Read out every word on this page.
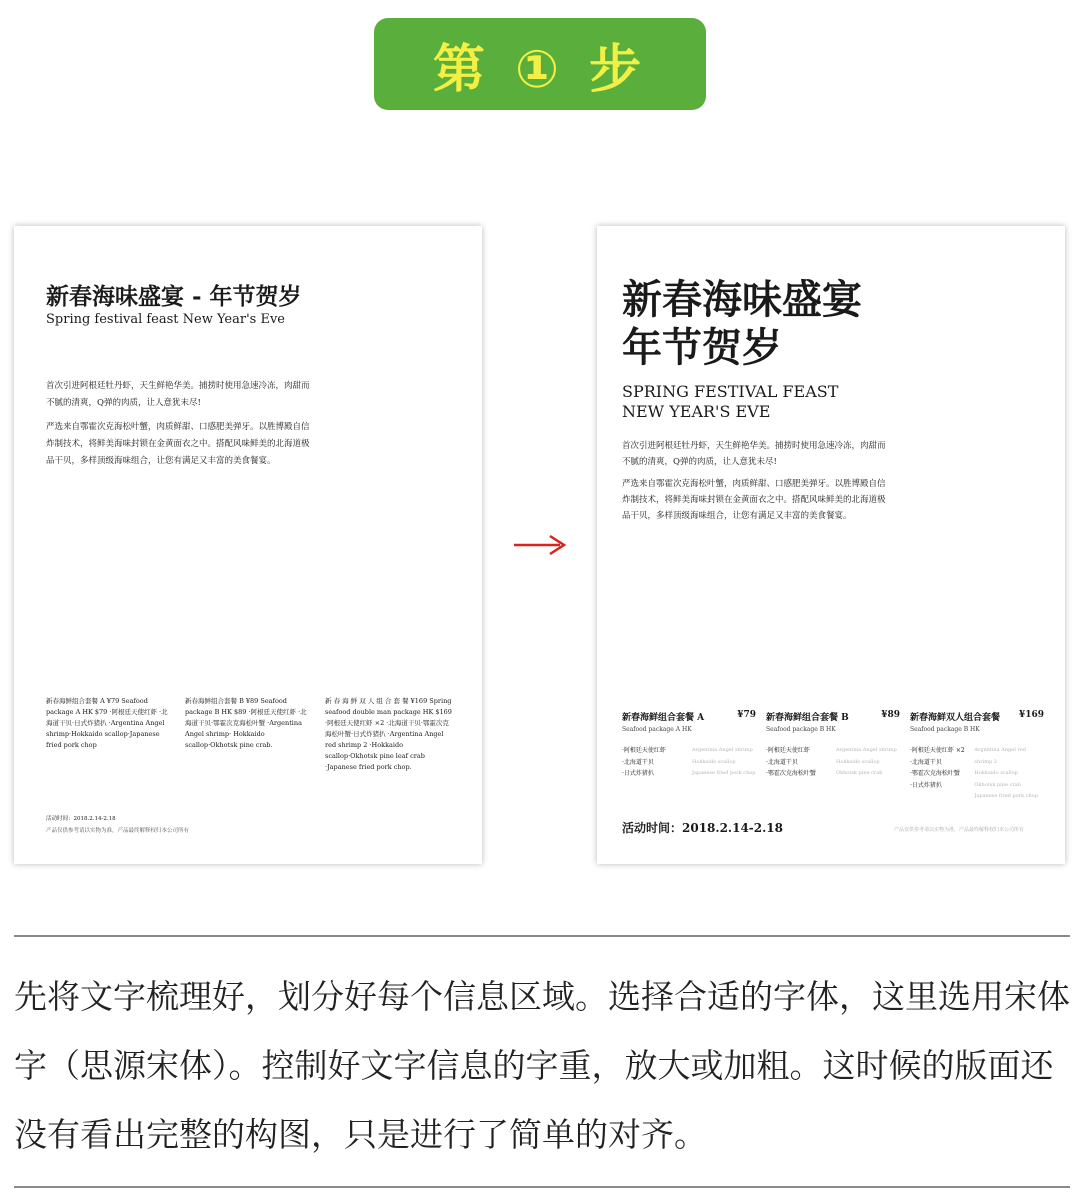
第 ① 步
新春海味盛宴 - 年节贺岁
Spring festival feast New Year's Eve
首次引进阿根廷牡丹虾，天生鲜艳华美。捕捞时使用急速冷冻，肉甜而不腻的清爽，Q弹的肉质，让人意犹未尽!
严选来自鄂霍次克海松叶蟹，肉质鲜甜、口感肥美弹牙。以胜博殿自信炸制技术，将鲜美海味封锁在金黄面衣之中。搭配风味鲜美的北海道极品干贝，多样顶级海味组合，让您有满足又丰富的美食餐宴。
新春海鲜组合套餐 A ¥79 Seafood package A HK $79 ·阿根廷天使红虾 ·北海道干贝·日式炸猪扒 ·Argentina Angel shrimp·Hokkaido scallop·Japanese fried pork chop
新春海鲜组合套餐 B ¥89 Seafood package B HK $89 ·阿根廷天使红虾 ·北海道干贝·鄂霍次克海松叶蟹 ·Argentina Angel shrimp· Hokkaido scallop·Okhotsk pine crab.
新 春 海 鲜 双 人 组 合 套 餐 ¥169 Spring seafood double man package HK $169 ·阿根廷天使红虾 ×2 ·北海道干贝·鄂霍次克海松叶蟹·日式炸猪扒 ·Argentina Angel red shrimp 2 ·Hokkaido scallop·Okhotsk pine leaf crab ·Japanese fried pork chop.
活动时间：2018.2.14-2.18
产品仅供参考请以实物为准，产品最终解释权归本公司所有
新春海味盛宴
年节贺岁
SPRING FESTIVAL FEAST
NEW YEAR'S EVE
首次引进阿根廷牡丹虾，天生鲜艳华美。捕捞时使用急速冷冻，肉甜而不腻的清爽，Q弹的肉质，让人意犹未尽!
严选来自鄂霍次克海松叶蟹，肉质鲜甜、口感肥美弹牙。以胜博殿自信炸制技术，将鲜美海味封锁在金黄面衣之中。搭配风味鲜美的北海道极品干贝，多样顶级海味组合，让您有满足又丰富的美食餐宴。
新春海鲜组合套餐 A	¥79
Seafood package A HK
·阿根廷天使红虾
·北海道干贝
·日式炸猪扒
Argentina Angel shrimp
Hokkaido scallop
Japanese fried pork chop
新春海鲜组合套餐 B	¥89
Seafood package B HK
·阿根廷天使红虾
·北海道干贝
·鄂霍次克海松叶蟹
Argentina Angel shrimp
Hokkaido scallop
Okhotsk pine crab
新春海鲜双人组合套餐 ¥169
Seafood package B HK
·阿根廷天使红虾 ×2
·北海道干贝
·鄂霍次克海松叶蟹
·日式炸猪扒
Argentina Angel red shrimp 2
Hokkaido scallop
Okhotsk pine crab
Japanese fried pork chop
活动时间：2018.2.14-2.18	产品仅供参考请以实物为准，产品最终解释权归本公司所有

先将文字梳理好，划分好每个信息区域。选择合适的字体，这里选用宋体字（思源宋体）。控制好文字信息的字重，放大或加粗。这时候的版面还没有看出完整的构图，只是进行了简单的对齐。
